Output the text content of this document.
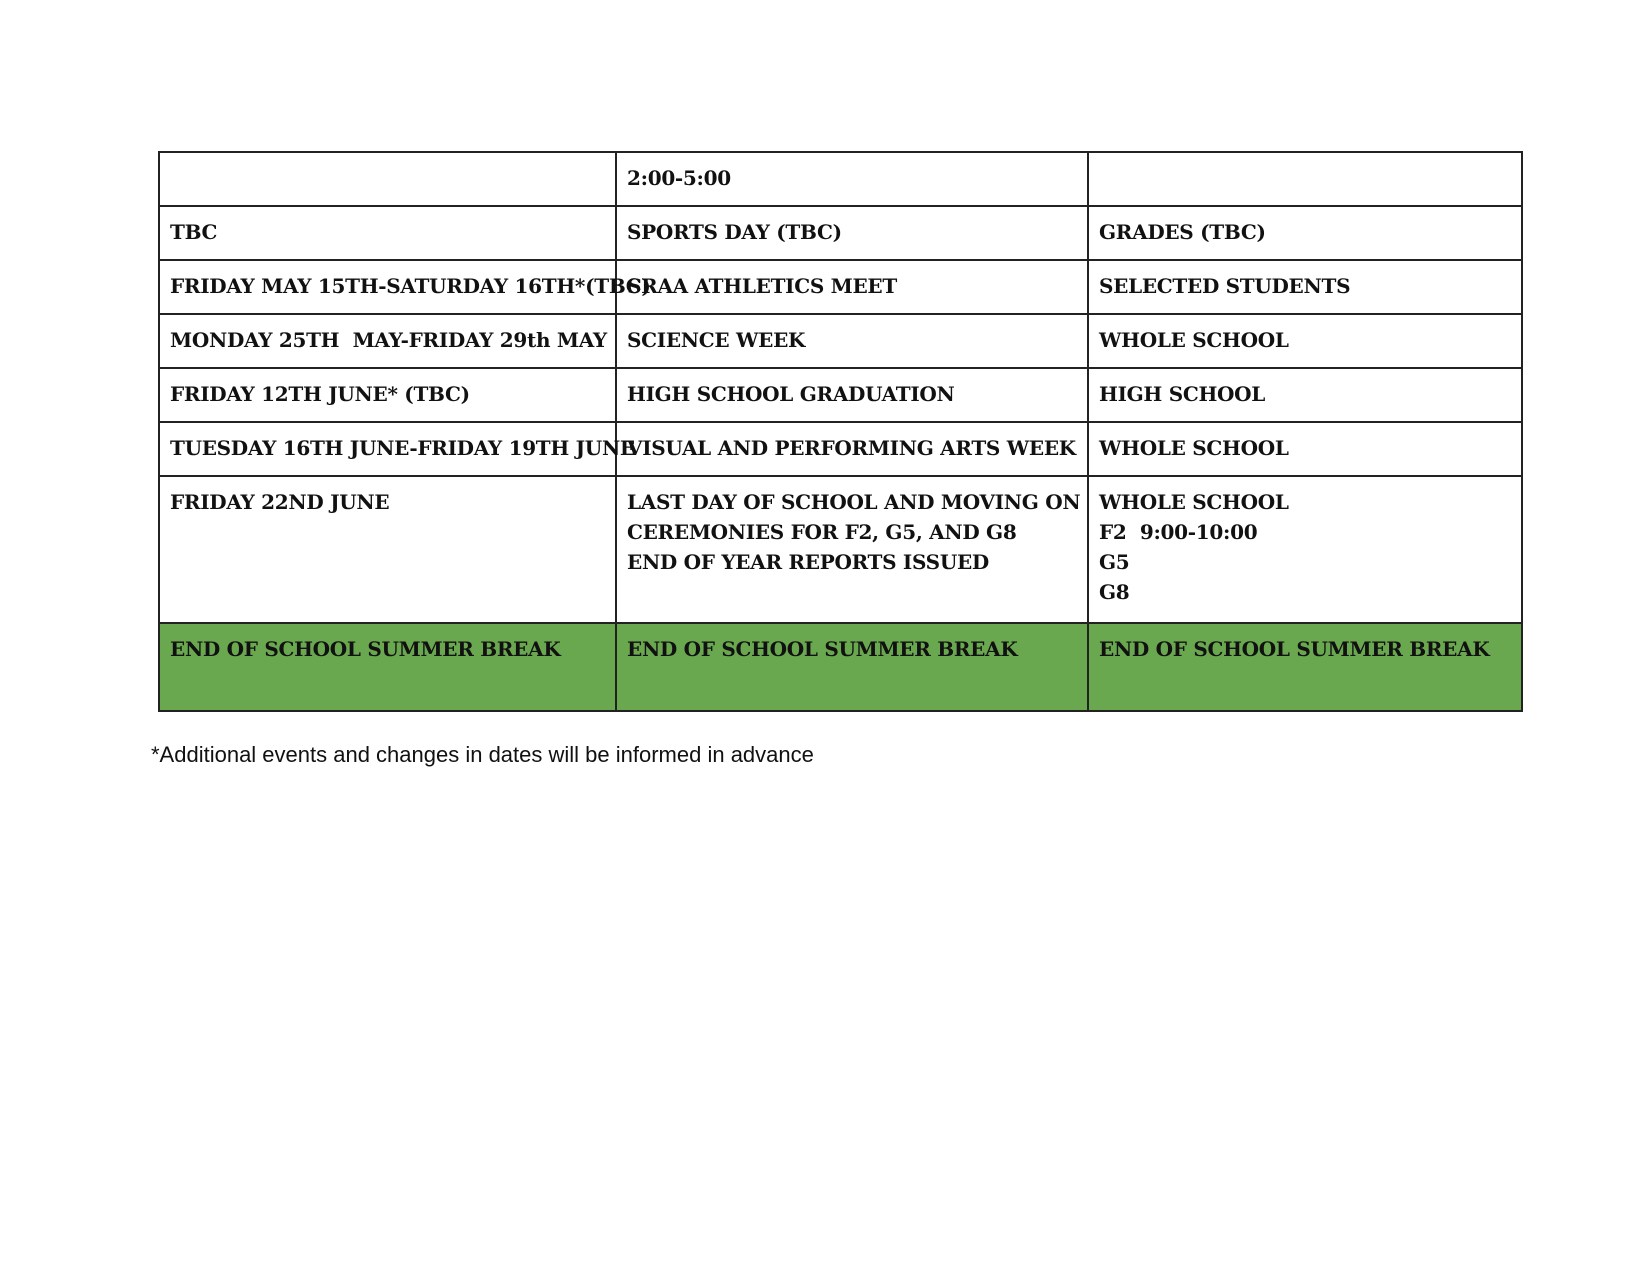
	2:00-5:00	

TBC	SPORTS DAY (TBC)	GRADES (TBC)

FRIDAY MAY 15TH-SATURDAY 16TH*(TBC)	SRAA ATHLETICS MEET	SELECTED STUDENTS

MONDAY 25TH  MAY-FRIDAY 29th MAY	SCIENCE WEEK	WHOLE SCHOOL

FRIDAY 12TH JUNE* (TBC)	HIGH SCHOOL GRADUATION	HIGH SCHOOL

TUESDAY 16TH JUNE-FRIDAY 19TH JUNE	VISUAL AND PERFORMING ARTS WEEK	WHOLE SCHOOL

FRIDAY 22ND JUNE	LAST DAY OF SCHOOL AND MOVING ON
CEREMONIES FOR F2, G5, AND G8
END OF YEAR REPORTS ISSUED	WHOLE SCHOOL
F2  9:00-10:00
G5
G8

END OF SCHOOL SUMMER BREAK	END OF SCHOOL SUMMER BREAK	END OF SCHOOL SUMMER BREAK

*Additional events and changes in dates will be informed in advance
